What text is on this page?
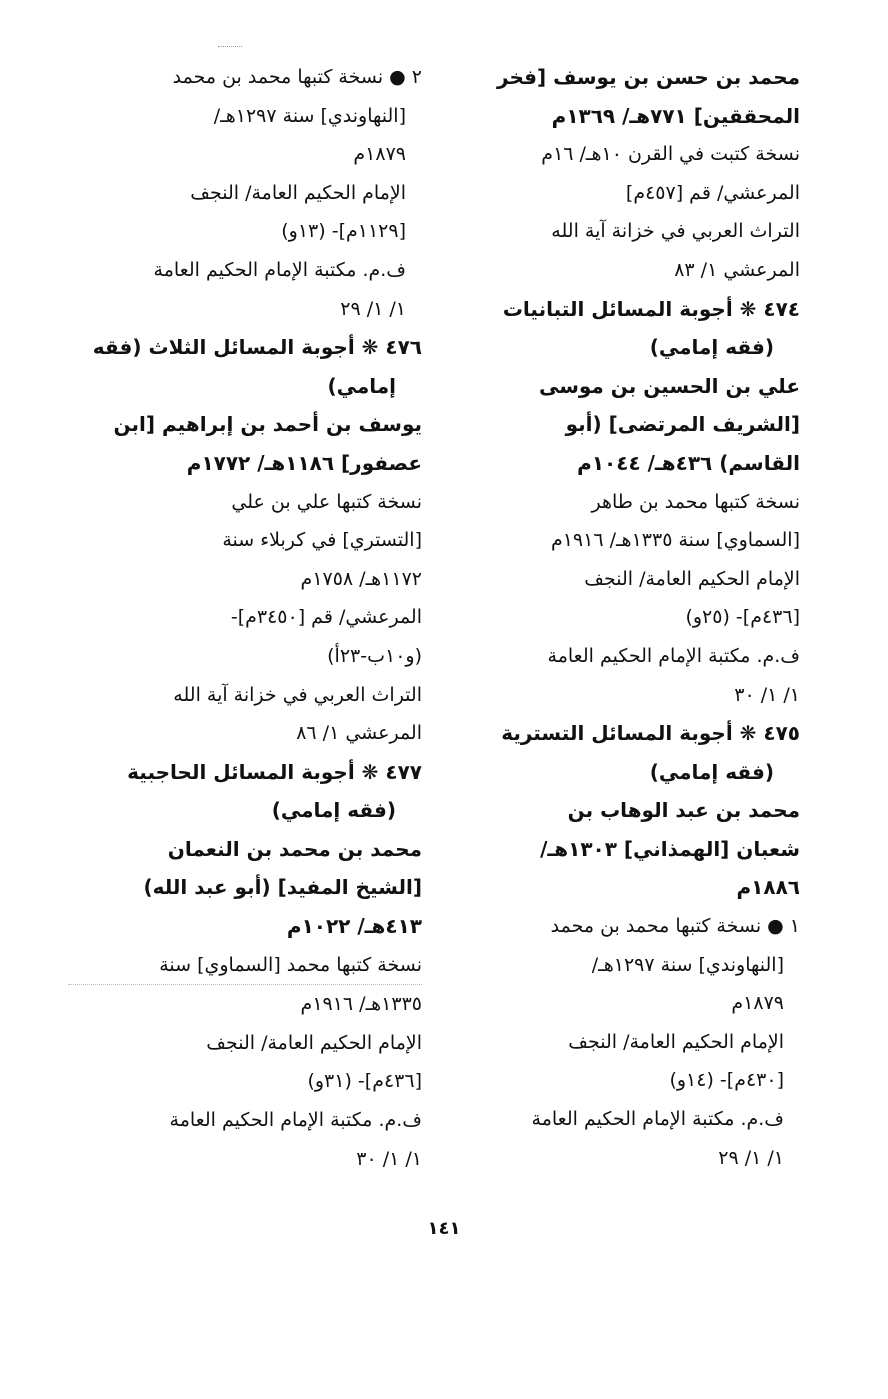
محمد بن حسن بن يوسف [فخر
المحققين] ٧٧١هـ/ ١٣٦٩م
نسخة كتبت في القرن ١٠هـ/ ١٦م
المرعشي/ قم [٤٥٧م]
التراث العربي في خزانة آية الله
المرعشي ١/ ٨٣
٤٧٤ ❋ أجوبة المسائل التبانيات
(فقه إمامي)
علي بن الحسين بن موسى
[الشريف المرتضى] (أبو
القاسم) ٤٣٦هـ/ ١٠٤٤م
نسخة كتبها محمد بن طاهر
[السماوي] سنة ١٣٣٥هـ/ ١٩١٦م
الإمام الحكيم العامة/ النجف
[٤٣٦م]- (٢٥و)
ف.م. مكتبة الإمام الحكيم العامة
١/ ١/ ٣٠
٤٧٥ ❋ أجوبة المسائل التسترية
(فقه إمامي)
محمد بن عبد الوهاب بن
شعبان [الهمذاني] ١٣٠٣هـ/
١٨٨٦م
١ ● نسخة كتبها محمد بن محمد
[النهاوندي] سنة ١٢٩٧هـ/
١٨٧٩م
الإمام الحكيم العامة/ النجف
[٤٣٠م]- (١٤و)
ف.م. مكتبة الإمام الحكيم العامة
١/ ١/ ٢٩
٢ ● نسخة كتبها محمد بن محمد
[النهاوندي] سنة ١٢٩٧هـ/
١٨٧٩م
الإمام الحكيم العامة/ النجف
[١١٢٩م]- (١٣و)
ف.م. مكتبة الإمام الحكيم العامة
١/ ١/ ٢٩
٤٧٦ ❋ أجوبة المسائل الثلاث (فقه
إمامي)
يوسف بن أحمد بن إبراهيم [ابن
عصفور] ١١٨٦هـ/ ١٧٧٢م
نسخة كتبها علي بن علي
[التستري] في كربلاء سنة
١١٧٢هـ/ ١٧٥٨م
المرعشي/ قم [٣٤٥٠م]-
(و١٠ب-٢٣أ)
التراث العربي في خزانة آية الله
المرعشي ١/ ٨٦
٤٧٧ ❋ أجوبة المسائل الحاجبية
(فقه إمامي)
محمد بن محمد بن النعمان
[الشيخ المفيد] (أبو عبد الله)
٤١٣هـ/ ١٠٢٢م
نسخة كتبها محمد [السماوي] سنة
١٣٣٥هـ/ ١٩١٦م
الإمام الحكيم العامة/ النجف
[٤٣٦م]- (٣١و)
ف.م. مكتبة الإمام الحكيم العامة
١/ ١/ ٣٠
١٤١
